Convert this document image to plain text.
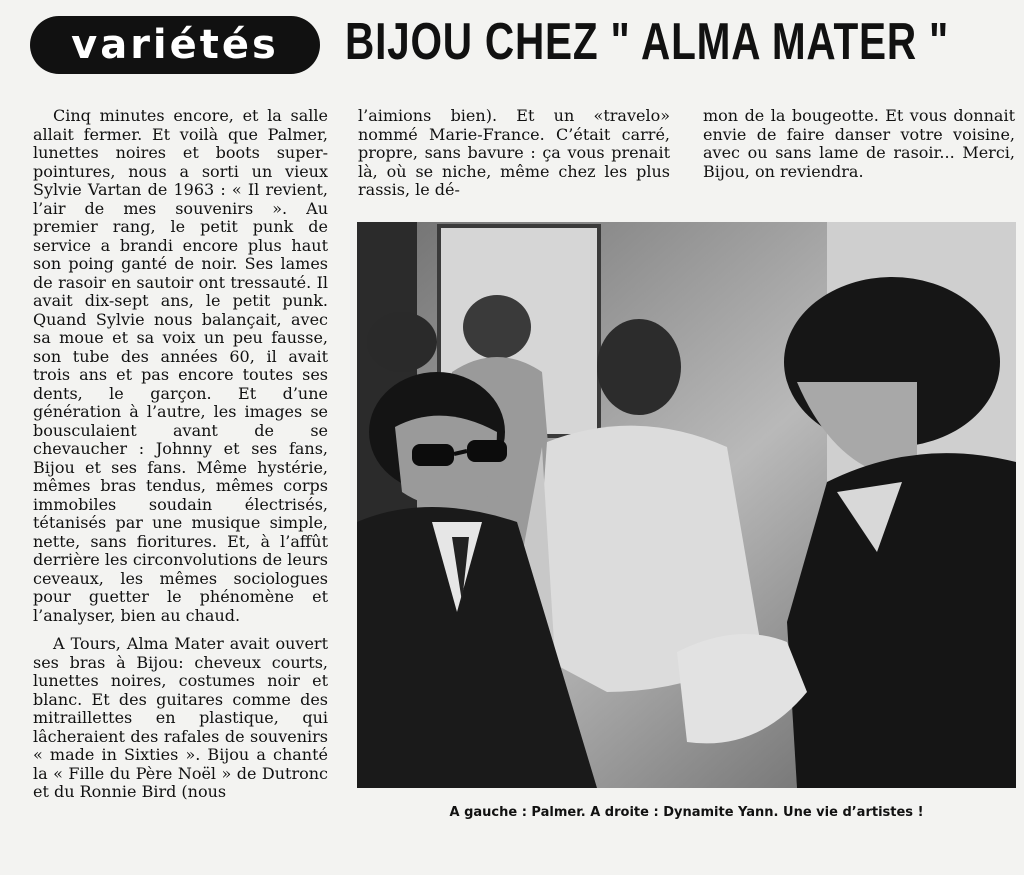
variétés BIJOU CHEZ " ALMA MATER "

Cinq minutes encore, et la salle allait fermer. Et voilà que Palmer, lunettes noires et boots super-pointures, nous a sorti un vieux Sylvie Vartan de 1963 : « Il revient, l’air de mes souvenirs ». Au premier rang, le petit punk de service a brandi encore plus haut son poing ganté de noir. Ses lames de rasoir en sautoir ont tressauté. Il avait dix-sept ans, le petit punk. Quand Sylvie nous balançait, avec sa moue et sa voix un peu fausse, son tube des années 60, il avait trois ans et pas encore toutes ses dents, le garçon. Et d’une génération à l’autre, les images se bousculaient avant de se chevaucher : Johnny et ses fans, Bijou et ses fans. Même hystérie, mêmes bras tendus, mêmes corps immobiles soudain électrisés, tétanisés par une musique simple, nette, sans fioritures. Et, à l’affût derrière les circonvolutions de leurs ceveaux, les mêmes sociologues pour guetter le phénomène et l’analyser, bien au chaud.

A Tours, Alma Mater avait ouvert ses bras à Bijou: cheveux courts, lunettes noires, costumes noir et blanc. Et des guitares comme des mitraillettes en plastique, qui lâcheraient des rafales de souvenirs « made in Sixties ». Bijou a chanté la « Fille du Père Noël » de Dutronc et du Ronnie Bird (nous

l’aimions bien). Et un «travelo» nommé Marie-France. C’était carré, propre, sans bavure : ça vous prenait là, où se niche, même chez les plus rassis, le dé-

mon de la bougeotte. Et vous donnait envie de faire danser votre voisine, avec ou sans lame de rasoir... Merci, Bijou, on reviendra.

A gauche : Palmer. A droite : Dynamite Yann. Une vie d’artistes !
